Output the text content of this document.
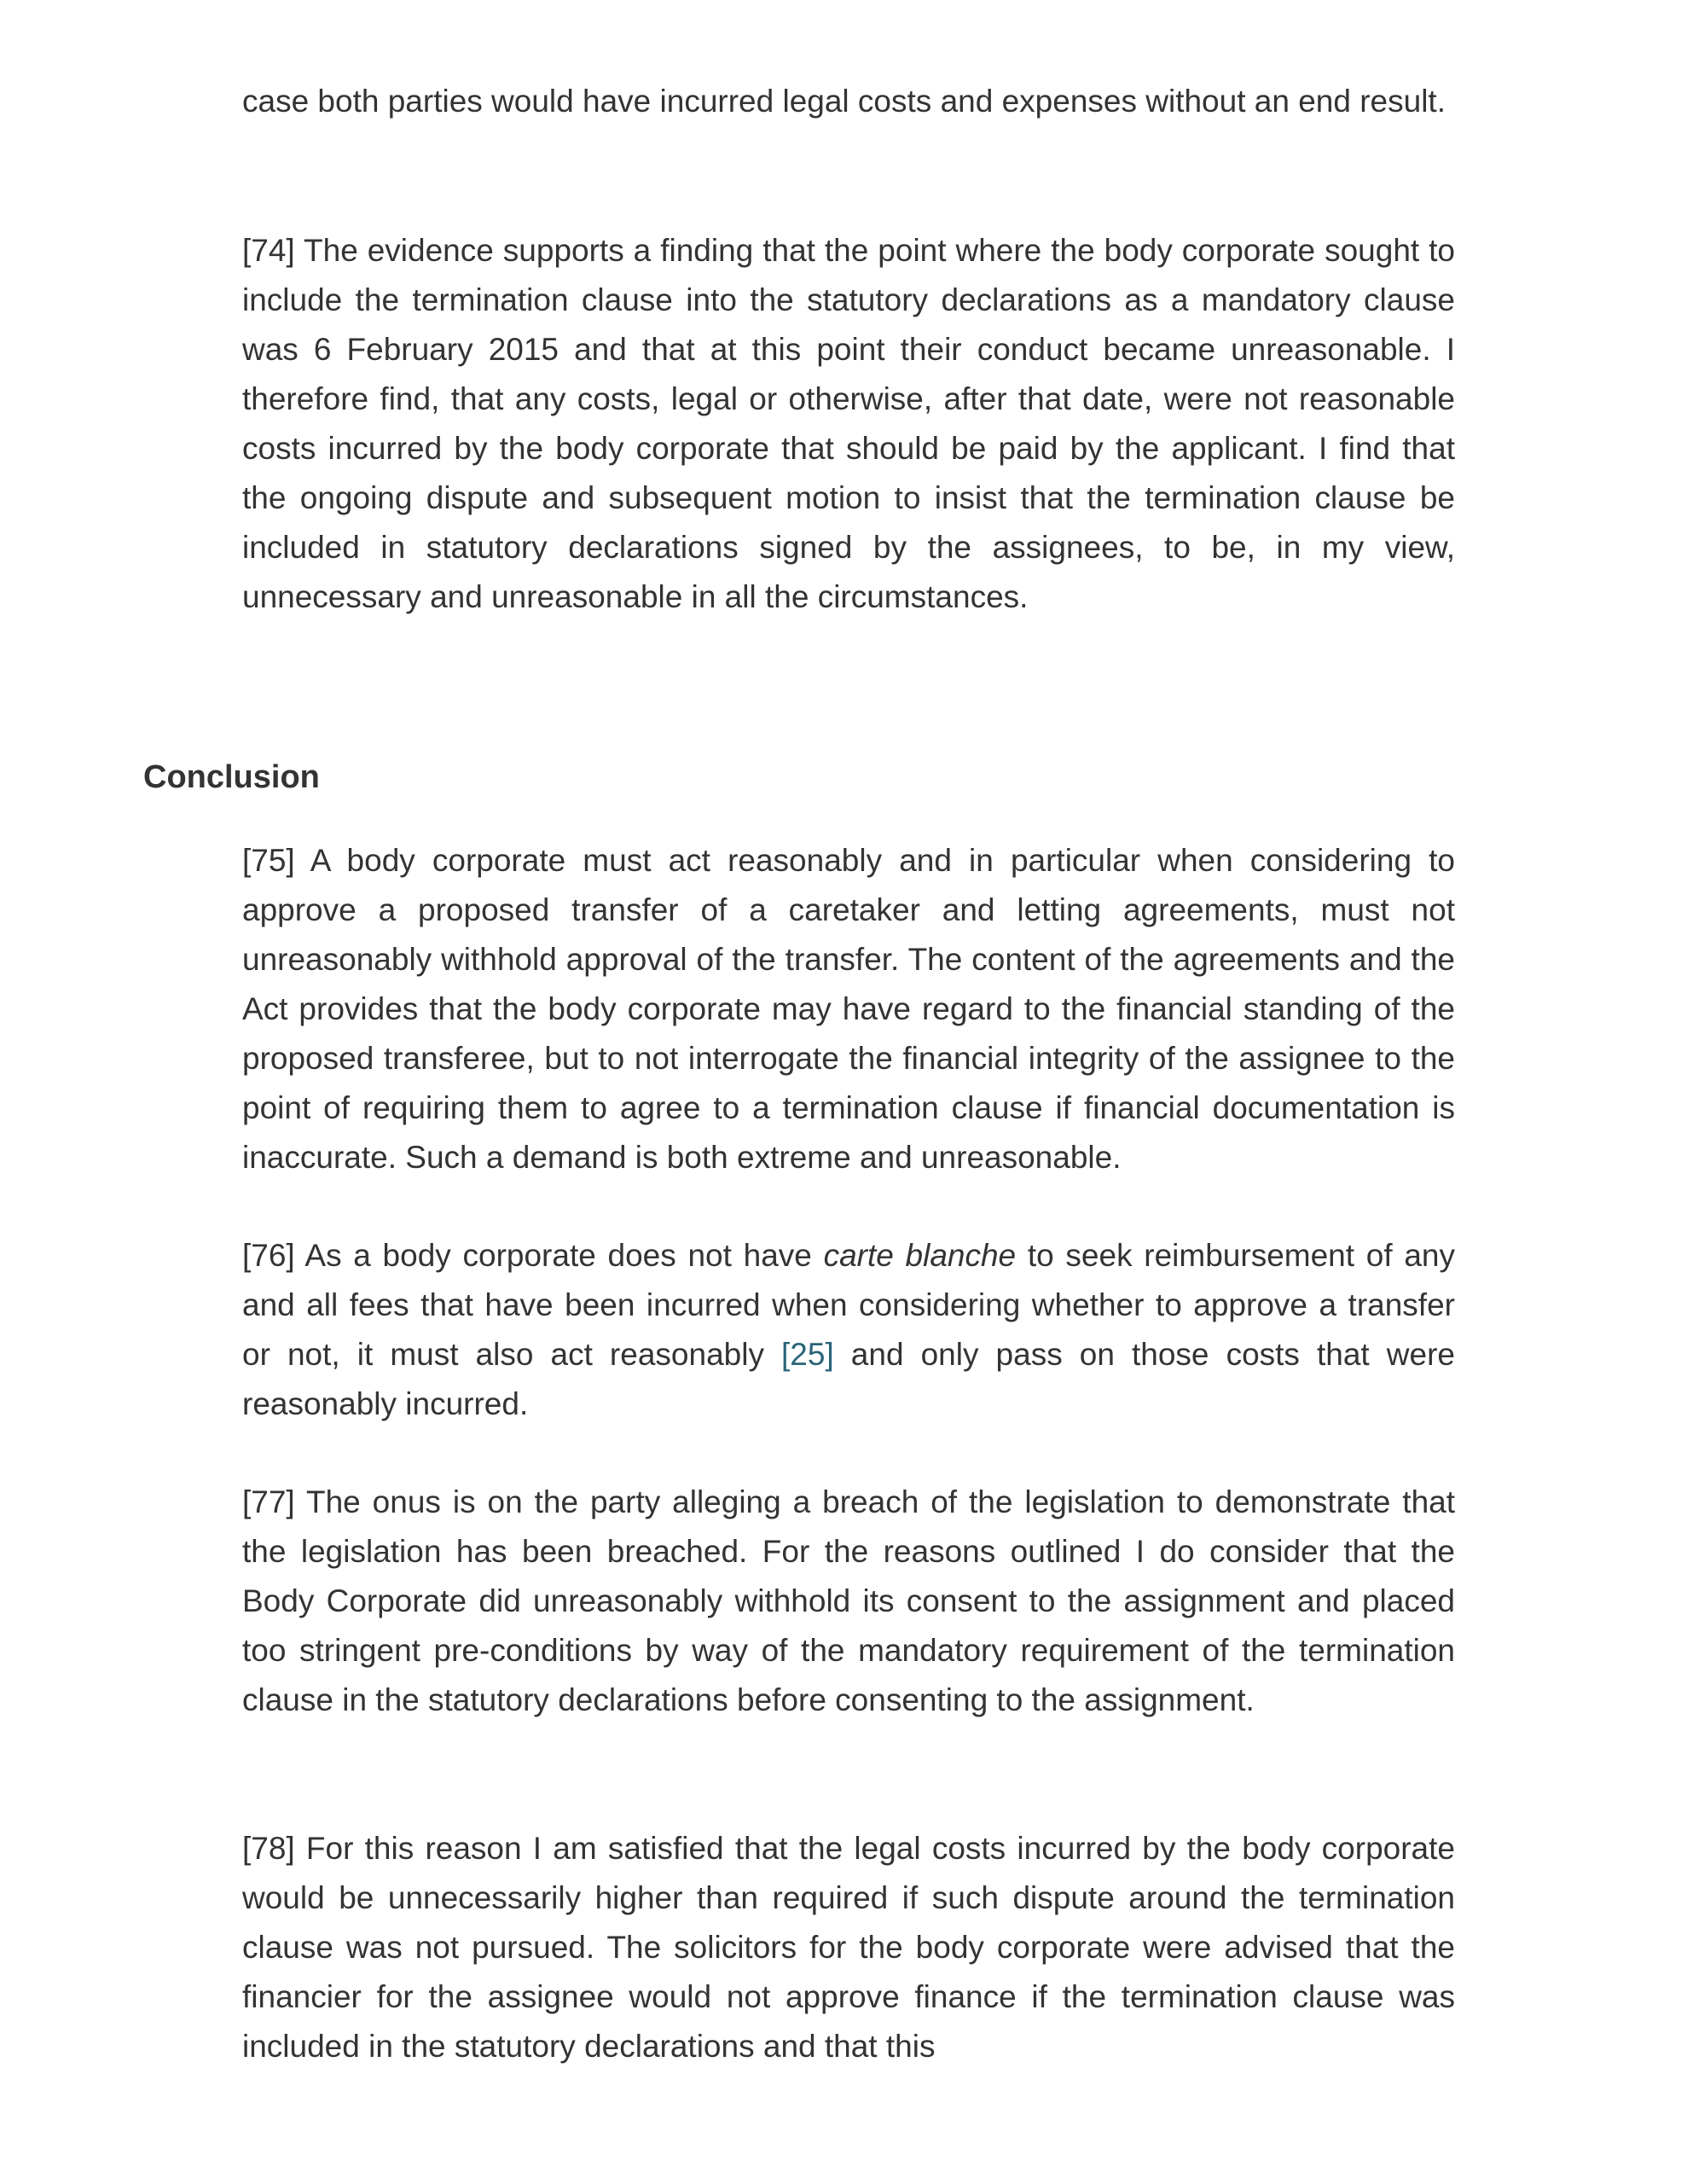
case both parties would have incurred legal costs and expenses without an end result.

[74] The evidence supports a finding that the point where the body corporate sought to include the termination clause into the statutory declarations as a mandatory clause was 6 February 2015 and that at this point their conduct became unreasonable. I therefore find, that any costs, legal or otherwise, after that date, were not reasonable costs incurred by the body corporate that should be paid by the applicant. I find that the ongoing dispute and subsequent motion to insist that the termination clause be included in statutory declarations signed by the assignees, to be, in my view, unnecessary and unreasonable in all the circumstances.

Conclusion

[75] A body corporate must act reasonably and in particular when considering to approve a proposed transfer of a caretaker and letting agreements, must not unreasonably withhold approval of the transfer. The content of the agreements and the Act provides that the body corporate may have regard to the financial standing of the proposed transferee, but to not interrogate the financial integrity of the assignee to the point of requiring them to agree to a termination clause if financial documentation is inaccurate. Such a demand is both extreme and unreasonable.

[76] As a body corporate does not have carte blanche to seek reimbursement of any and all fees that have been incurred when considering whether to approve a transfer or not, it must also act reasonably [25] and only pass on those costs that were reasonably incurred.

[77] The onus is on the party alleging a breach of the legislation to demonstrate that the legislation has been breached. For the reasons outlined I do consider that the Body Corporate did unreasonably withhold its consent to the assignment and placed too stringent pre-conditions by way of the mandatory requirement of the termination clause in the statutory declarations before consenting to the assignment.

[78] For this reason I am satisfied that the legal costs incurred by the body corporate would be unnecessarily higher than required if such dispute around the termination clause was not pursued. The solicitors for the body corporate were advised that the financier for the assignee would not approve finance if the termination clause was included in the statutory declarations and that this
